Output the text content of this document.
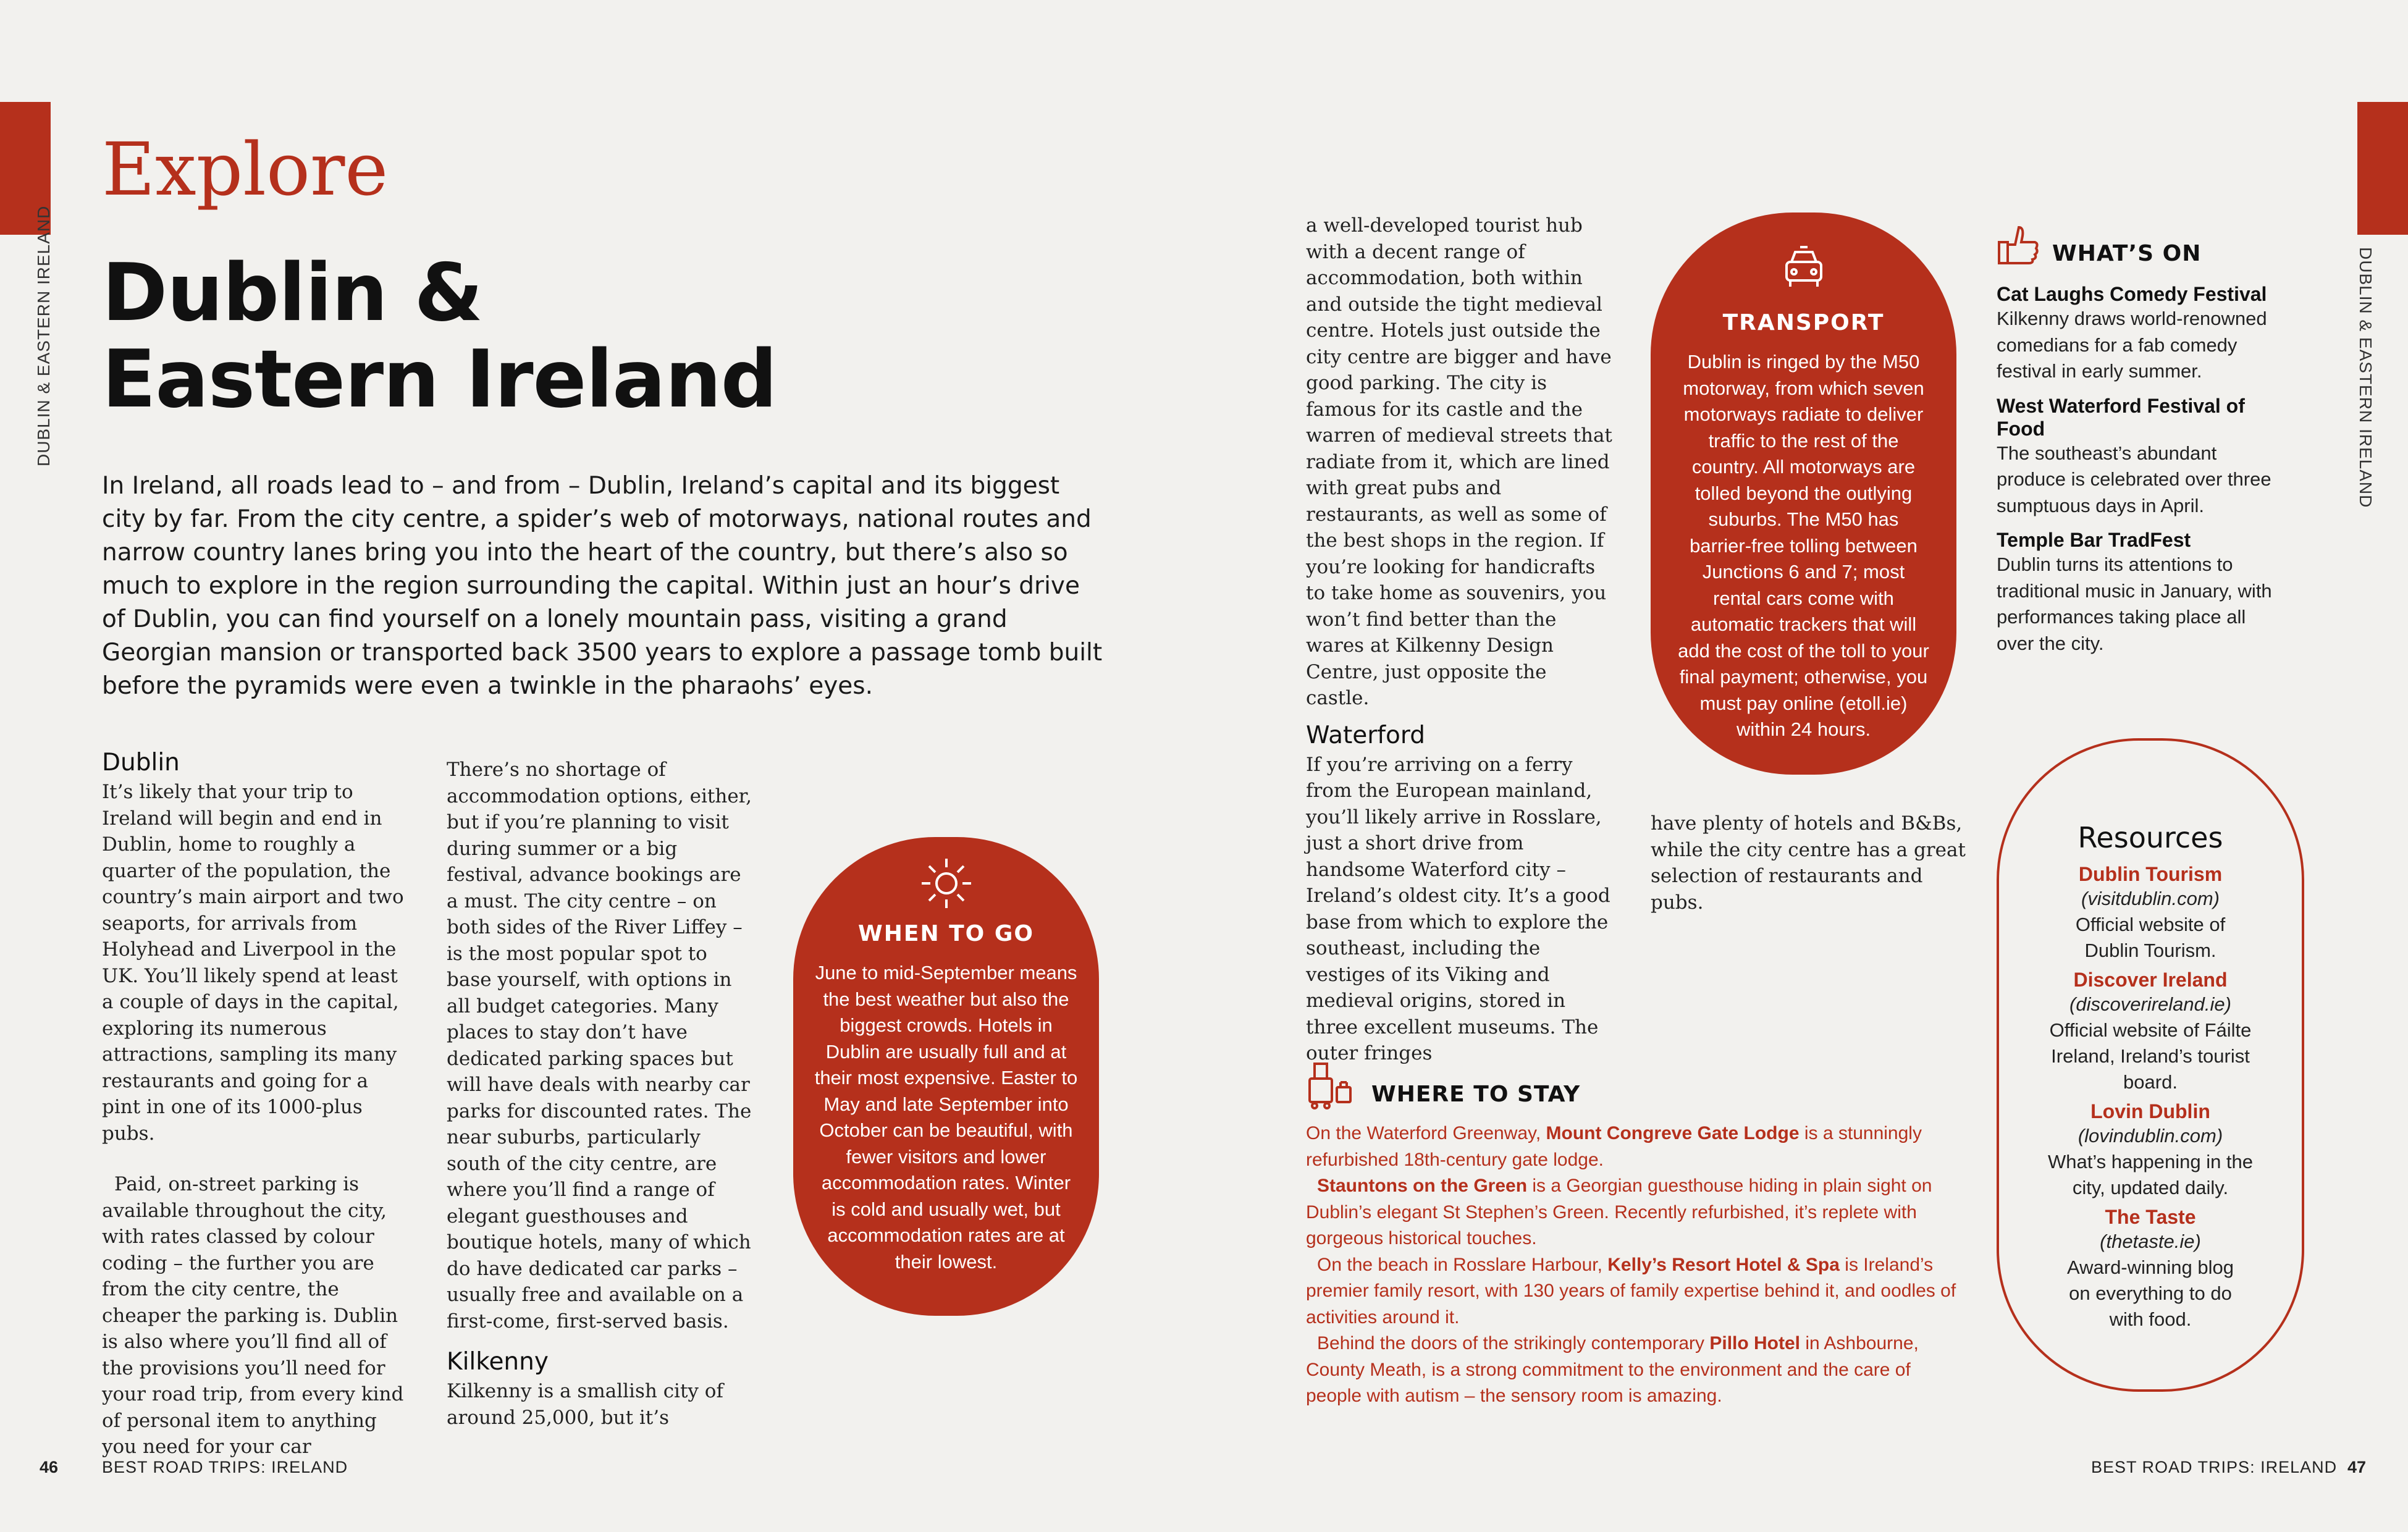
DUBLIN & EASTERN IRELAND	DUBLIN & EASTERN IRELAND
Explore
Dublin &
Eastern Ireland

In Ireland, all roads lead to – and from – Dublin, Ireland’s capital and its biggest city by far. From the city centre, a spider’s web of motorways, national routes and narrow country lanes bring you into the heart of the country, but there’s also so much to explore in the region surrounding the capital. Within just an hour’s drive of Dublin, you can find yourself on a lonely mountain pass, visiting a grand Georgian mansion or transported back 3500 years to explore a passage tomb built before the pyramids were even a twinkle in the pharaohs’ eyes.

Dublin

It’s likely that your trip to Ireland will begin and end in Dublin, home to roughly a quarter of the population, the country’s main airport and two seaports, for arrivals from Holyhead and Liverpool in the UK. You’ll likely spend at least a couple of days in the capital, exploring its numerous attractions, sampling its many restaurants and going for a pint in one of its 1000-plus pubs.

Paid, on-street parking is available throughout the city, with rates classed by colour coding – the further you are from the city centre, the cheaper the parking is. Dublin is also where you’ll find all of the provisions you’ll need for your road trip, from every kind of personal item to anything you need for your car

There’s no shortage of accommodation options, either, but if you’re planning to visit during summer or a big festival, advance bookings are a must. The city centre – on both sides of the River Liffey – is the most popular spot to base yourself, with options in all budget categories. Many places to stay don’t have dedicated parking spaces but will have deals with nearby car parks for discounted rates. The near suburbs, particularly south of the city centre, are where you’ll find a range of elegant guesthouses and boutique hotels, many of which do have dedicated car parks – usually free and available on a first-come, first-served basis.

Kilkenny

Kilkenny is a smallish city of around 25,000, but it’s

WHEN TO GO

June to mid-September means the best weather but also the biggest crowds. Hotels in Dublin are usually full and at their most expensive. Easter to May and late September into October can be beautiful, with fewer visitors and lower accommodation rates. Winter is cold and usually wet, but accommodation rates are at their lowest.

a well-developed tourist hub with a decent range of accommodation, both within and outside the tight medieval centre. Hotels just outside the city centre are bigger and have good parking. The city is famous for its castle and the warren of medieval streets that radiate from it, which are lined with great pubs and restaurants, as well as some of the best shops in the region. If you’re looking for handicrafts to take home as souvenirs, you won’t find better than the wares at Kilkenny Design Centre, just opposite the castle.

Waterford

If you’re arriving on a ferry from the European mainland, you’ll likely arrive in Rosslare, just a short drive from handsome Waterford city – Ireland’s oldest city. It’s a good base from which to explore the southeast, including the vestiges of its Viking and medieval origins, stored in three excellent museums. The outer fringes

have plenty of hotels and B&Bs, while the city centre has a great selection of restaurants and pubs.

TRANSPORT

Dublin is ringed by the M50 motorway, from which seven motorways radiate to deliver traffic to the rest of the country. All motorways are tolled beyond the outlying suburbs. The M50 has barrier-free tolling between Junctions 6 and 7; most rental cars come with automatic trackers that will add the cost of the toll to your final payment; otherwise, you must pay online (etoll.ie) within 24 hours.

WHAT’S ON

Cat Laughs Comedy Festival

Kilkenny draws world-renowned comedians for a fab comedy festival in early summer.

West Waterford Festival of Food

The southeast’s abundant produce is celebrated over three sumptuous days in April.

Temple Bar TradFest

Dublin turns its attentions to traditional music in January, with performances taking place all over the city.

Resources

Dublin Tourism

(visitdublin.com)

Official website of Dublin Tourism.

Discover Ireland

(discoverireland.ie)

Official website of Fáilte Ireland, Ireland’s tourist board.

Lovin Dublin

(lovindublin.com)

What’s happening in the city, updated daily.

The Taste

(thetaste.ie)

Award-winning blog on everything to do with food.

WHERE TO STAY

On the Waterford Greenway, Mount Congreve Gate Lodge is a stunningly refurbished 18th-century gate lodge.

Stauntons on the Green is a Georgian guesthouse hiding in plain sight on Dublin’s elegant St Stephen’s Green. Recently refurbished, it’s replete with gorgeous historical touches.

On the beach in Rosslare Harbour, Kelly’s Resort Hotel & Spa is Ireland’s premier family resort, with 130 years of family expertise behind it, and oodles of activities around it.

Behind the doors of the strikingly contemporary Pillo Hotel in Ashbourne, County Meath, is a strong commitment to the environment and the care of people with autism – the sensory room is amazing.

46	BEST ROAD TRIPS: IRELAND	BEST ROAD TRIPS: IRELAND 47
